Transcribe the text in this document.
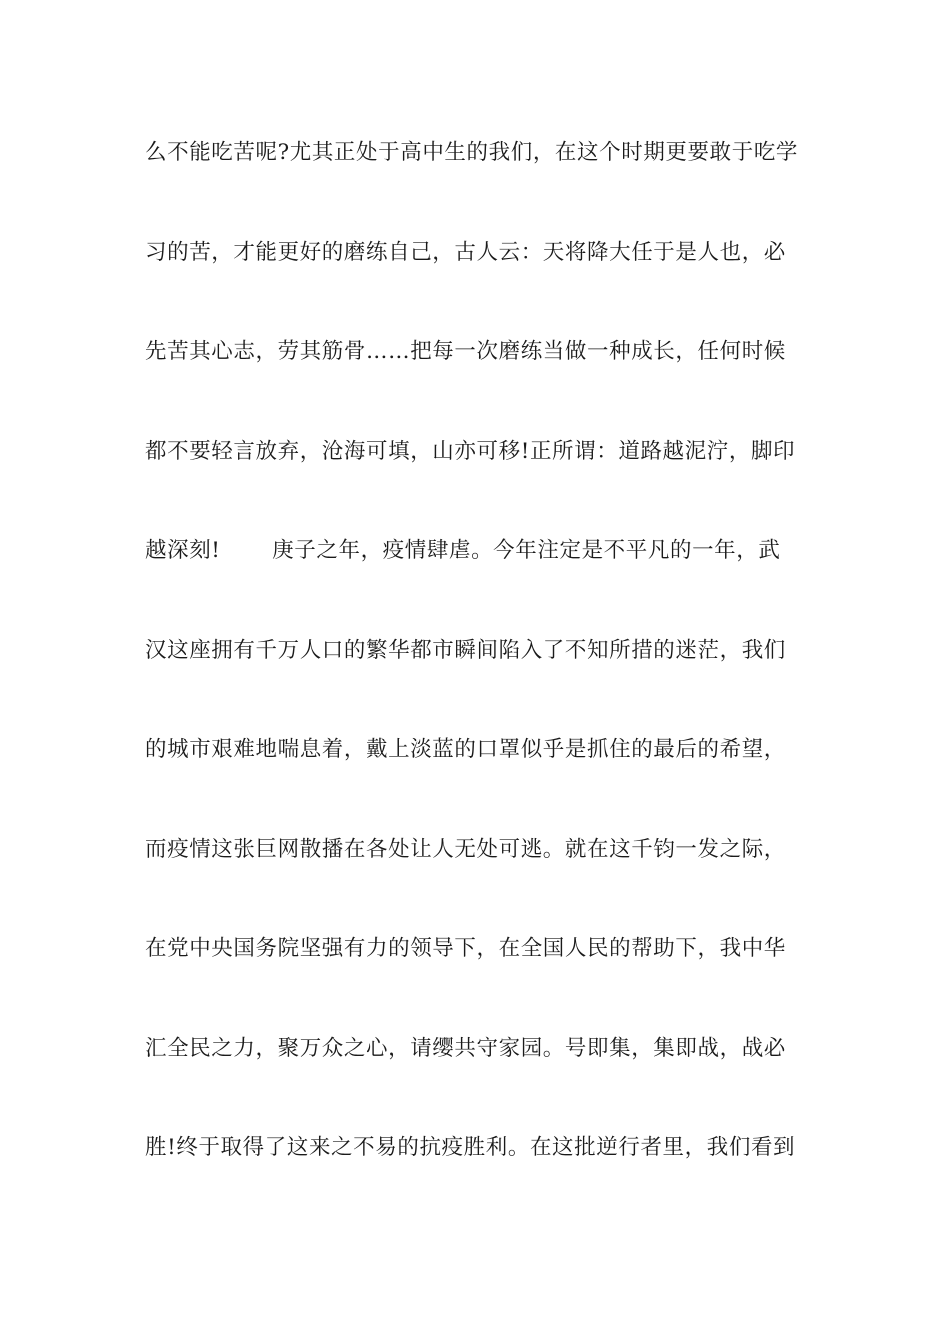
么不能吃苦呢?尤其正处于高中生的我们，在这个时期更要敢于吃学
习的苦，才能更好的磨练自己，古人云：天将降大任于是人也，必
先苦其心志，劳其筋骨……把每一次磨练当做一种成长，任何时候
都不要轻言放弃，沧海可填，山亦可移!正所谓：道路越泥泞，脚印
越深刻!　　 庚子之年，疫情肆虐。今年注定是不平凡的一年，武
汉这座拥有千万人口的繁华都市瞬间陷入了不知所措的迷茫，我们
的城市艰难地喘息着，戴上淡蓝的口罩似乎是抓住的最后的希望，
而疫情这张巨网散播在各处让人无处可逃。就在这千钧一发之际，
在党中央国务院坚强有力的领导下，在全国人民的帮助下，我中华
汇全民之力，聚万众之心，请缨共守家园。号即集，集即战，战必
胜!终于取得了这来之不易的抗疫胜利。在这批逆行者里，我们看到
